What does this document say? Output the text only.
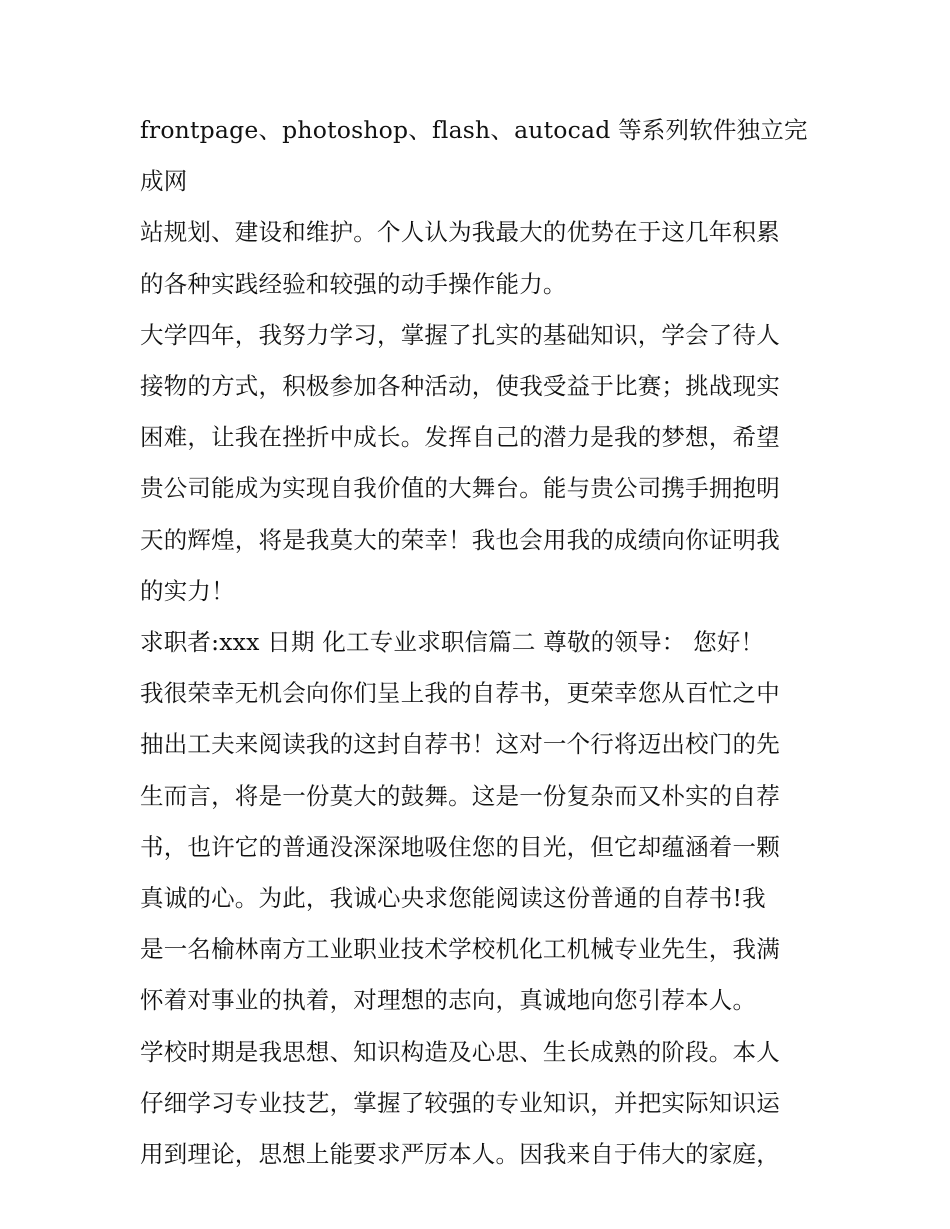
frontpage、photoshop、flash、autocad 等系列软件独立完成网
站规划、建设和维护。个人认为我最大的优势在于这几年积累
的各种实践经验和较强的动手操作能力。

大学四年，我努力学习，掌握了扎实的基础知识，学会了待人
接物的方式，积极参加各种活动，使我受益于比赛；挑战现实
困难，让我在挫折中成长。发挥自己的潜力是我的梦想，希望
贵公司能成为实现自我价值的大舞台。能与贵公司携手拥抱明
天的辉煌，将是我莫大的荣幸！我也会用我的成绩向你证明我
的实力！

求职者:xxx 日期 化工专业求职信篇二 尊敬的领导： 您好！

我很荣幸无机会向你们呈上我的自荐书，更荣幸您从百忙之中
抽出工夫来阅读我的这封自荐书！这对一个行将迈出校门的先
生而言，将是一份莫大的鼓舞。这是一份复杂而又朴实的自荐
书，也许它的普通没深深地吸住您的目光，但它却蕴涵着一颗
真诚的心。为此，我诚心央求您能阅读这份普通的自荐书!我
是一名榆林南方工业职业技术学校机化工机械专业先生，我满
怀着对事业的执着，对理想的志向，真诚地向您引荐本人。

学校时期是我思想、知识构造及心思、生长成熟的阶段。本人
仔细学习专业技艺，掌握了较强的专业知识，并把实际知识运
用到理论，思想上能要求严厉本人。因我来自于伟大的家庭，
